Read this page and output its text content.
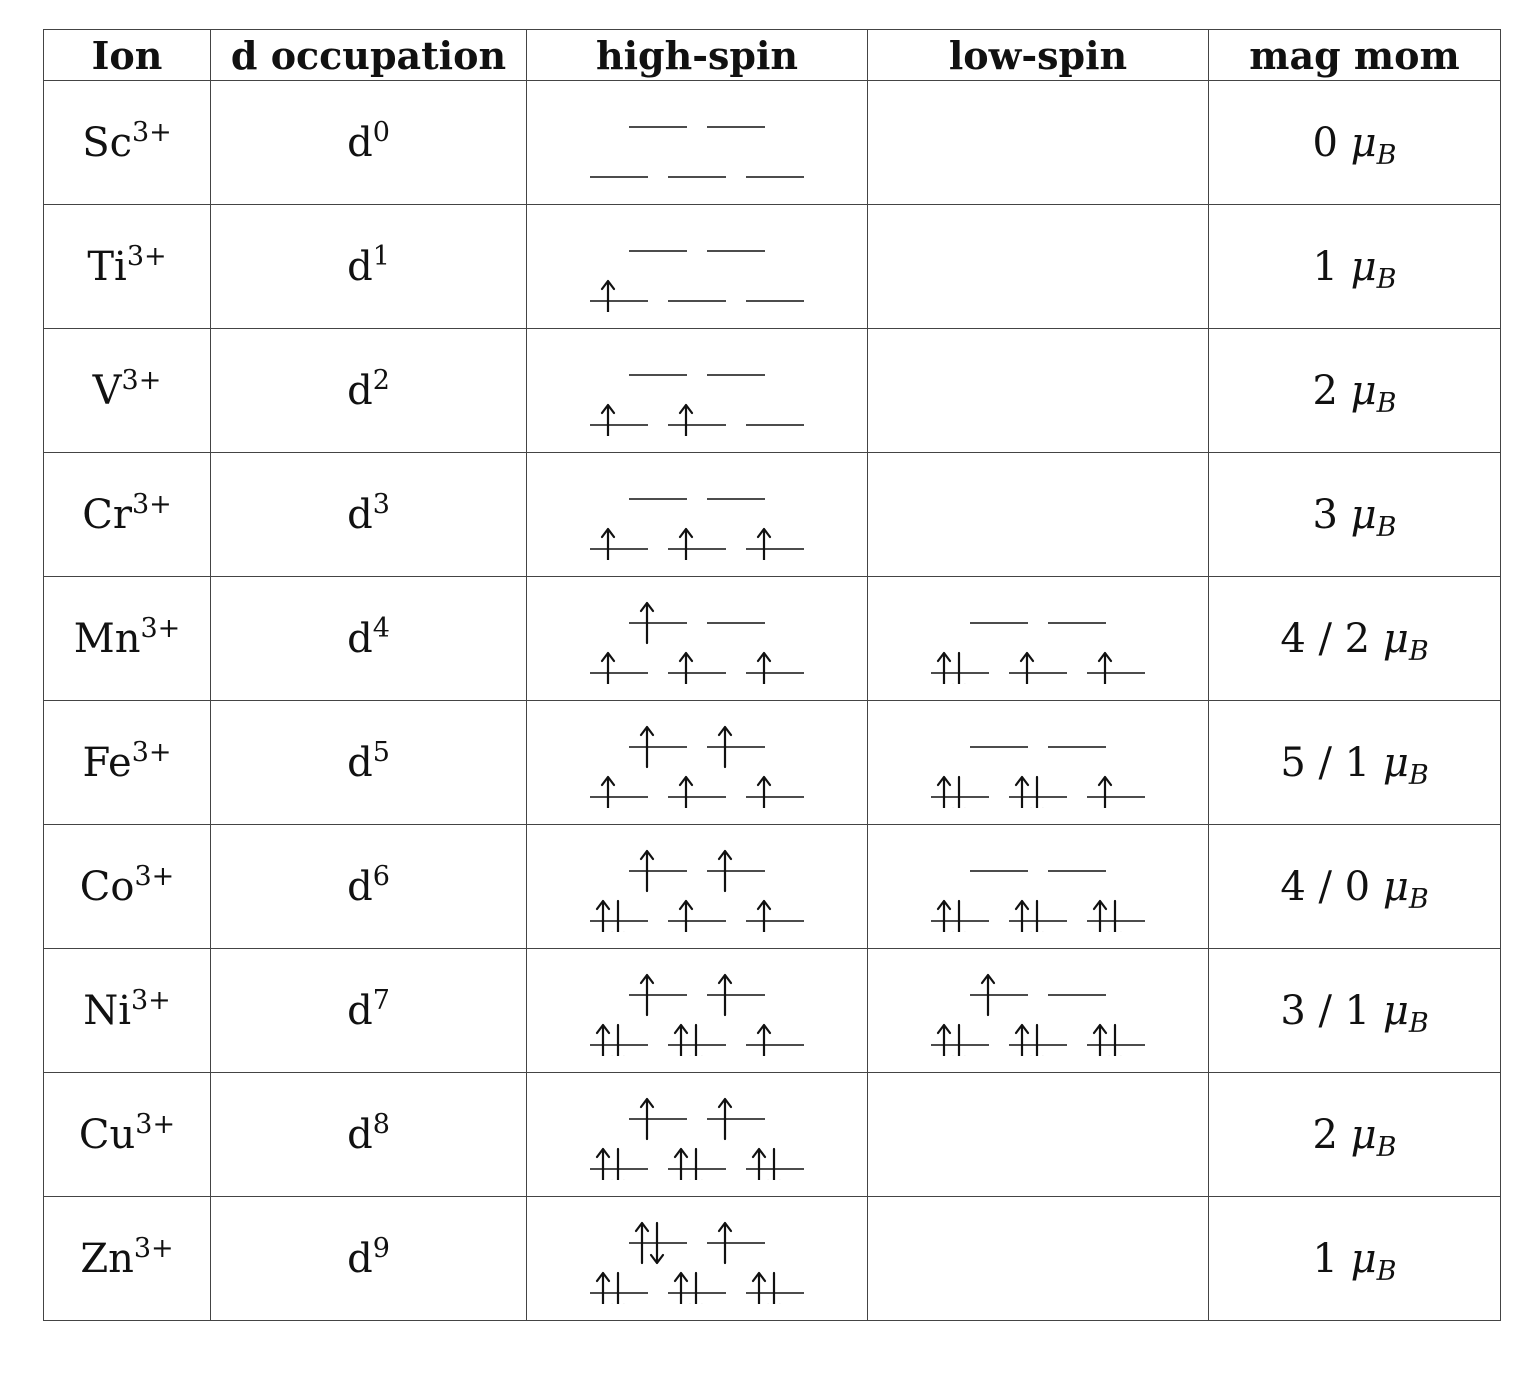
Ion	d occupation	high-spin	low-spin	mag mom
$Sc^{3+}$	$d^0$			0 $\mu_B$
$Ti^{3+}$	$d^1$			1 $\mu_B$
$V^{3+}$	$d^2$			2 $\mu_B$
$Cr^{3+}$	$d^3$			3 $\mu_B$
$Mn^{3+}$	$d^4$			4 / 2 $\mu_B$
$Fe^{3+}$	$d^5$			5 / 1 $\mu_B$
$Co^{3+}$	$d^6$			4 / 0 $\mu_B$
$Ni^{3+}$	$d^7$			3 / 1 $\mu_B$
$Cu^{3+}$	$d^8$			2 $\mu_B$
$Zn^{3+}$	$d^9$			1 $\mu_B$
